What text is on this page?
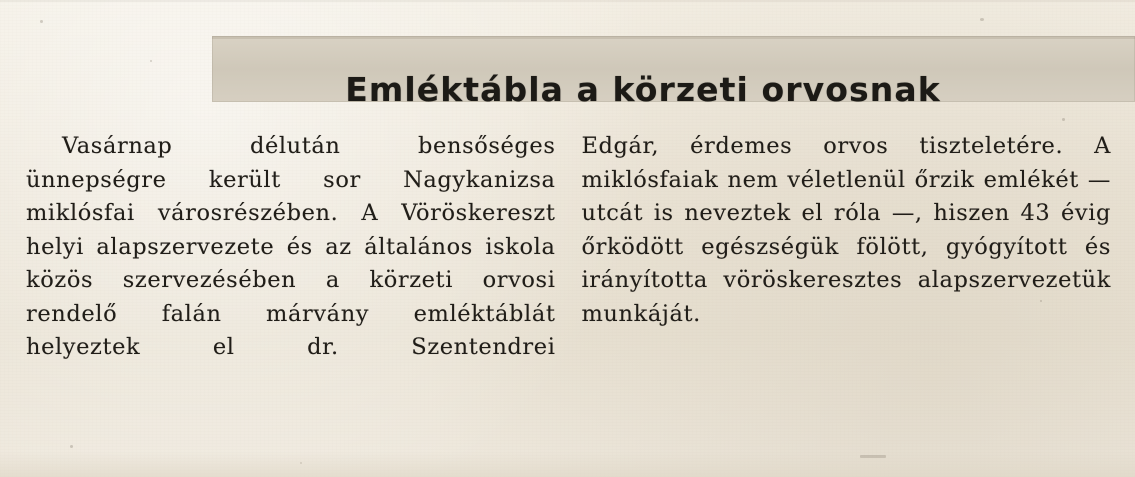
Emléktábla a körzeti orvosnak

Vasárnap délután bensőséges ünnepségre került sor Nagykanizsa miklósfai városrészében. A Vöröskereszt helyi alapszervezete és az általános iskola közös szervezésében a körzeti orvosi rendelő falán márvány emléktáblát helyeztek el dr. Szentendrei

Edgár, érdemes orvos tiszteletére. A miklósfaiak nem véletlenül őrzik emlékét — utcát is neveztek el róla —, hiszen 43 évig őrködött egészségük fölött, gyógyított és irányította vöröskeresztes alapszervezetük munkáját.
